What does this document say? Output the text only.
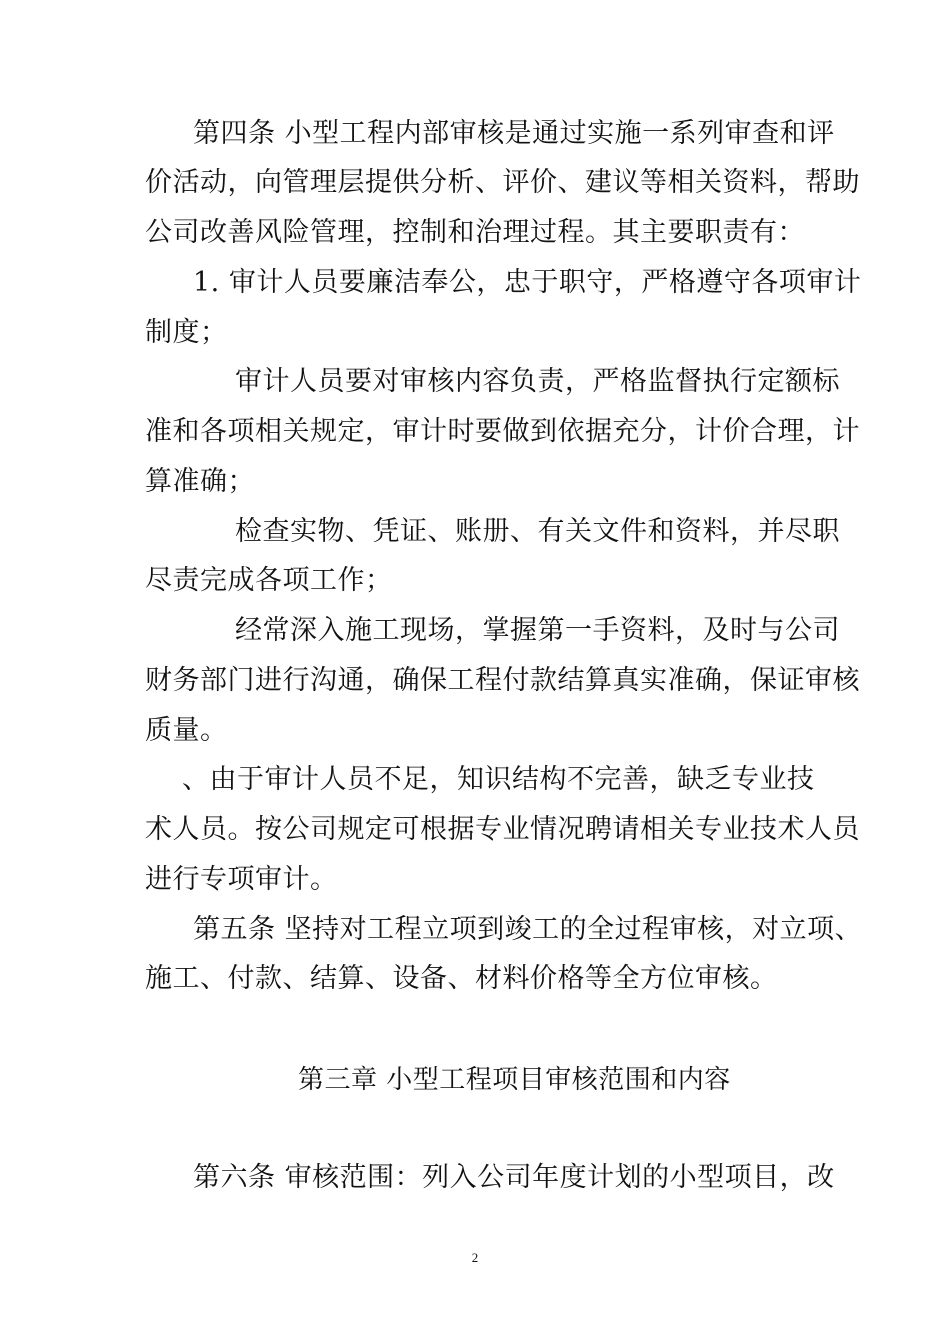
第四条 小型工程内部审核是通过实施一系列审查和评
价活动，向管理层提供分析、评价、建议等相关资料，帮助
公司改善风险管理，控制和治理过程。其主要职责有：
1. 审计人员要廉洁奉公，忠于职守，严格遵守各项审计
制度；
审计人员要对审核内容负责，严格监督执行定额标
准和各项相关规定，审计时要做到依据充分，计价合理，计
算准确；
检查实物、凭证、账册、有关文件和资料，并尽职
尽责完成各项工作；
经常深入施工现场，掌握第一手资料，及时与公司
财务部门进行沟通，确保工程付款结算真实准确，保证审核
质量。
、由于审计人员不足，知识结构不完善，缺乏专业技
术人员。按公司规定可根据专业情况聘请相关专业技术人员
进行专项审计。
第五条 坚持对工程立项到竣工的全过程审核，对立项、
施工、付款、结算、设备、材料价格等全方位审核。
第三章 小型工程项目审核范围和内容
第六条 审核范围：列入公司年度计划的小型项目，改
2
